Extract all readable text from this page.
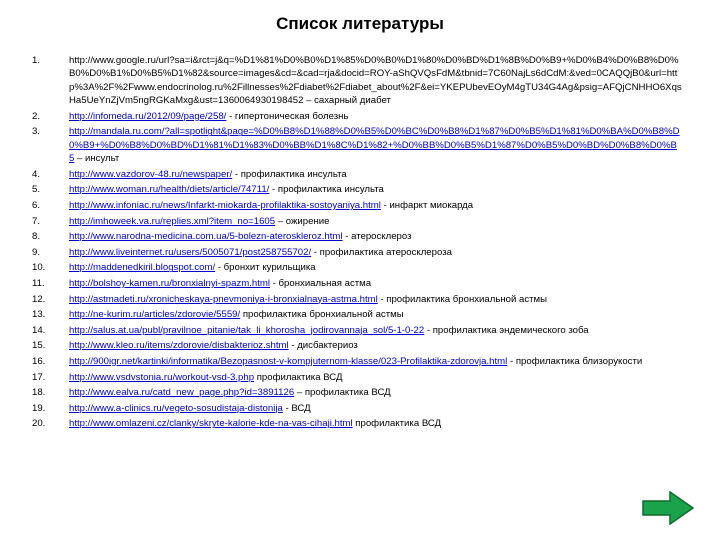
Список литературы
1.	http://www.google.ru/url?sa=i&rct=j&q=%D1%81%D0%B0%D1%85%D0%B0%D1%80%D0%BD%D1%8B%D0%B9+%D0%B4%D0%B8%D0%B0%D0%B1%D0%B5%D1%82&source=images&cd=&cad=rja&docid=ROY-aShQVQsFdM&tbnid=7C60NajLs6dCdM:&ved=0CAQQjB0&url=http%3A%2F%2Fwww.endocrinolog.ru%2Fillnesses%2Fdiabet%2Fdiabet_about%2F&ei=YKEPUbevEOyM4gTU34G4Ag&psig=AFQjCNHHO6XqsHa5UeYnZjVm5ngRGKaMxg&ust=1360064930198452 – сахарный диабет
2.	http://infomeda.ru/2012/09/page/258/ - гипертоническая болезнь
3.	http://mandala.ru.com/?all=spotlight&page=%D0%B8%D1%88%D0%B5%D0%BC%D0%B8%D1%87%D0%B5%D1%81%D0%BA%D0%B8%D0%B9+%D0%B8%D0%BD%D1%81%D1%83%D0%BB%D1%8C%D1%82+%D0%BB%D0%B5%D1%87%D0%B5%D0%BD%D0%B8%D0%B5 – инсульт
4.	http://www.vazdorov-48.ru/newspaper/ - профилактика инсульта
5.	http://www.woman.ru/health/diets/article/74711/ - профилактика инсульта
6.	http://www.infoniac.ru/news/Infarkt-miokarda-profilaktika-sostoyaniya.html - инфаркт миокарда
7.	http://imhoweek.va.ru/replies.xml?item_no=1605 – ожирение
8.	http://www.narodna-medicina.com.ua/5-bolezn-ateroskleroz.html - атеросклероз
9.	http://www.liveinternet.ru/users/5005071/post258755702/ - профилактика атеросклероза
10.	http://maddenedkiril.blogspot.com/ - бронхит курильщика
11.	http://bolshoy-kamen.ru/bronxialnyi-spazm.html - бронхиальная астма
12.	http://astmadeti.ru/xronicheskaya-pnevmoniya-i-bronxialnaya-astma.html - профилактика бронхиальной астмы
13.	http://ne-kurim.ru/articles/zdorovie/5559/ профилактика бронхиальной астмы
14.	http://salus.at.ua/publ/pravilnoe_pitanie/tak_li_khorosha_jodirovannaja_sol/5-1-0-22 - профилактика эндемического зоба
15.	http://www.kleo.ru/items/zdorovie/disbakterioz.shtml - дисбактериоз
16.	http://900igr.net/kartinki/informatika/Bezopasnost-v-kompjuternom-klasse/023-Profilaktika-zdorovja.html - профилактика близорукости
17.	http://www.vsdvstonia.ru/workout-vsd-3.php профилактика ВСД
18.	http://www.ealva.ru/catd_new_page.php?id=3891126 – профилактика ВСД
19.	http://www.a-clinics.ru/vegeto-sosudistaja-distonija - ВСД
20.	http://www.omlazeni.cz/clanky/skryte-kalorie-kde-na-vas-cihaji.html профилактика ВСД
